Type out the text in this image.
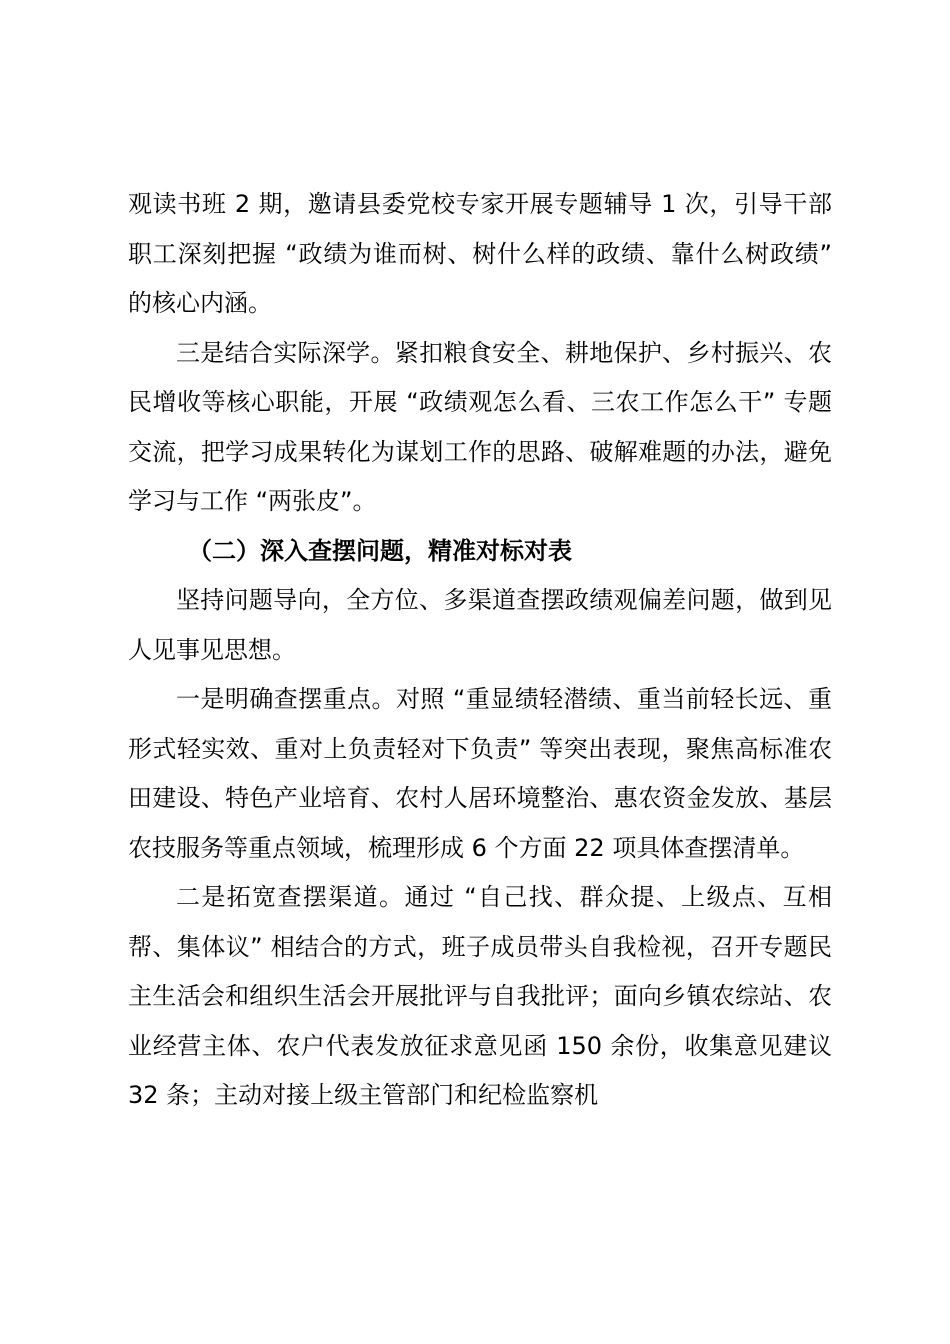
观读书班 2 期，邀请县委党校专家开展专题辅导 1 次，引导干部职工深刻把握 “政绩为谁而树、树什么样的政绩、靠什么树政绩” 的核心内涵。

三是结合实际深学。紧扣粮食安全、耕地保护、乡村振兴、农民增收等核心职能，开展 “政绩观怎么看、三农工作怎么干” 专题交流，把学习成果转化为谋划工作的思路、破解难题的办法，避免学习与工作 “两张皮”。

（二）深入查摆问题，精准对标对表

坚持问题导向，全方位、多渠道查摆政绩观偏差问题，做到见人见事见思想。

一是明确查摆重点。对照 “重显绩轻潜绩、重当前轻长远、重形式轻实效、重对上负责轻对下负责” 等突出表现，聚焦高标准农田建设、特色产业培育、农村人居环境整治、惠农资金发放、基层农技服务等重点领域，梳理形成 6 个方面 22 项具体查摆清单。

二是拓宽查摆渠道。通过 “自己找、群众提、上级点、互相帮、集体议” 相结合的方式，班子成员带头自我检视，召开专题民主生活会和组织生活会开展批评与自我批评；面向乡镇农综站、农业经营主体、农户代表发放征求意见函 150 余份，收集意见建议 32 条；主动对接上级主管部门和纪检监察机
